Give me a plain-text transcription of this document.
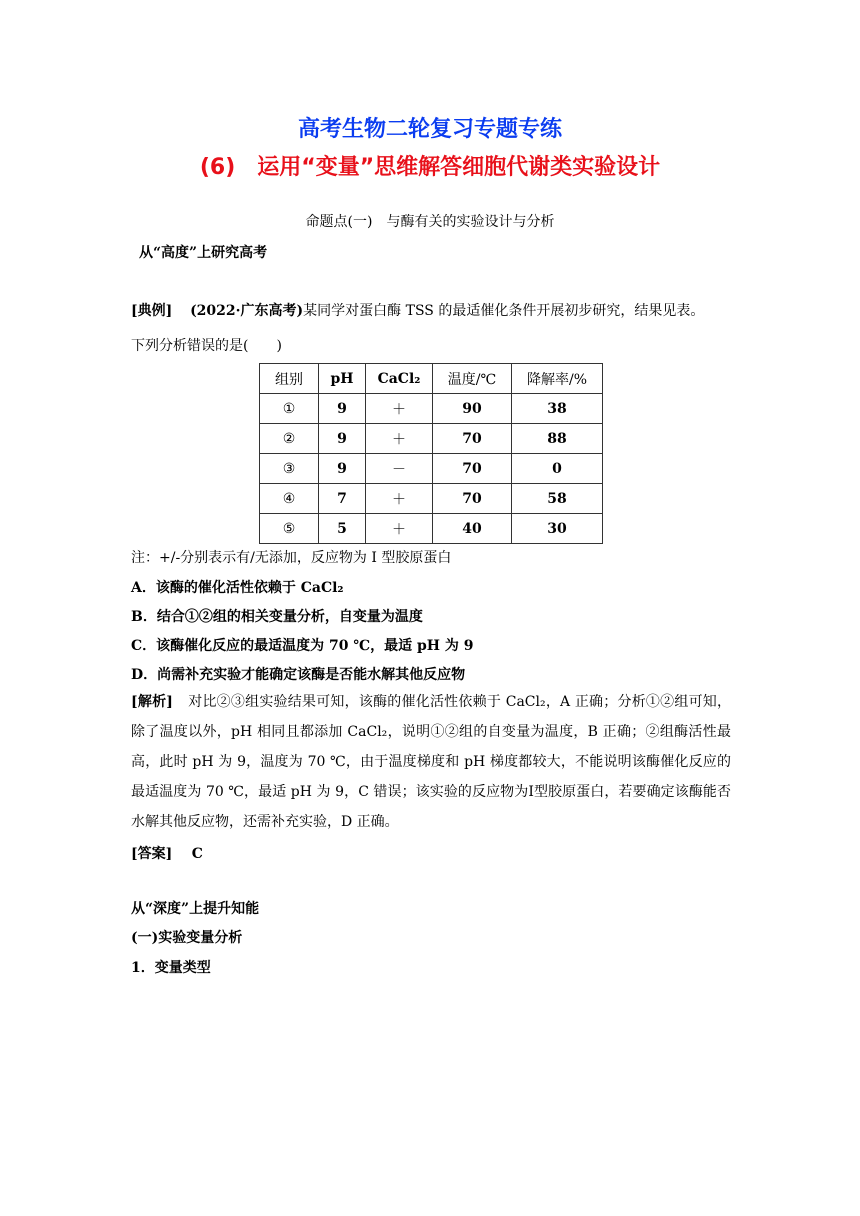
高考生物二轮复习专题专练
(6)　运用“变量”思维解答细胞代谢类实验设计
命题点(一)　与酶有关的实验设计与分析
从“高度”上研究高考
[典例] (2022·广东高考)某同学对蛋白酶 TSS 的最适催化条件开展初步研究，结果见表。
下列分析错误的是(　　)
组别	pH	CaCl₂	温度/℃	降解率/%
①	9	＋	90	38
②	9	＋	70	88
③	9	－	70	0
④	7	＋	70	58
⑤	5	＋	40	30
注：+/-分别表示有/无添加，反应物为 Ⅰ 型胶原蛋白
A．该酶的催化活性依赖于 CaCl₂
B．结合①②组的相关变量分析，自变量为温度
C．该酶催化反应的最适温度为 70 ℃，最适 pH 为 9
D．尚需补充实验才能确定该酶是否能水解其他反应物
[解析] 对比②③组实验结果可知，该酶的催化活性依赖于 CaCl₂，A 正确；分析①②组可知，除了温度以外，pH 相同且都添加 CaCl₂，说明①②组的自变量为温度，B 正确；②组酶活性最高，此时 pH 为 9，温度为 70 ℃，由于温度梯度和 pH 梯度都较大，不能说明该酶催化反应的最适温度为 70 ℃，最适 pH 为 9，C 错误；该实验的反应物为Ⅰ型胶原蛋白，若要确定该酶能否水解其他反应物，还需补充实验，D 正确。
[答案] C
从“深度”上提升知能
(一)实验变量分析
1．变量类型
